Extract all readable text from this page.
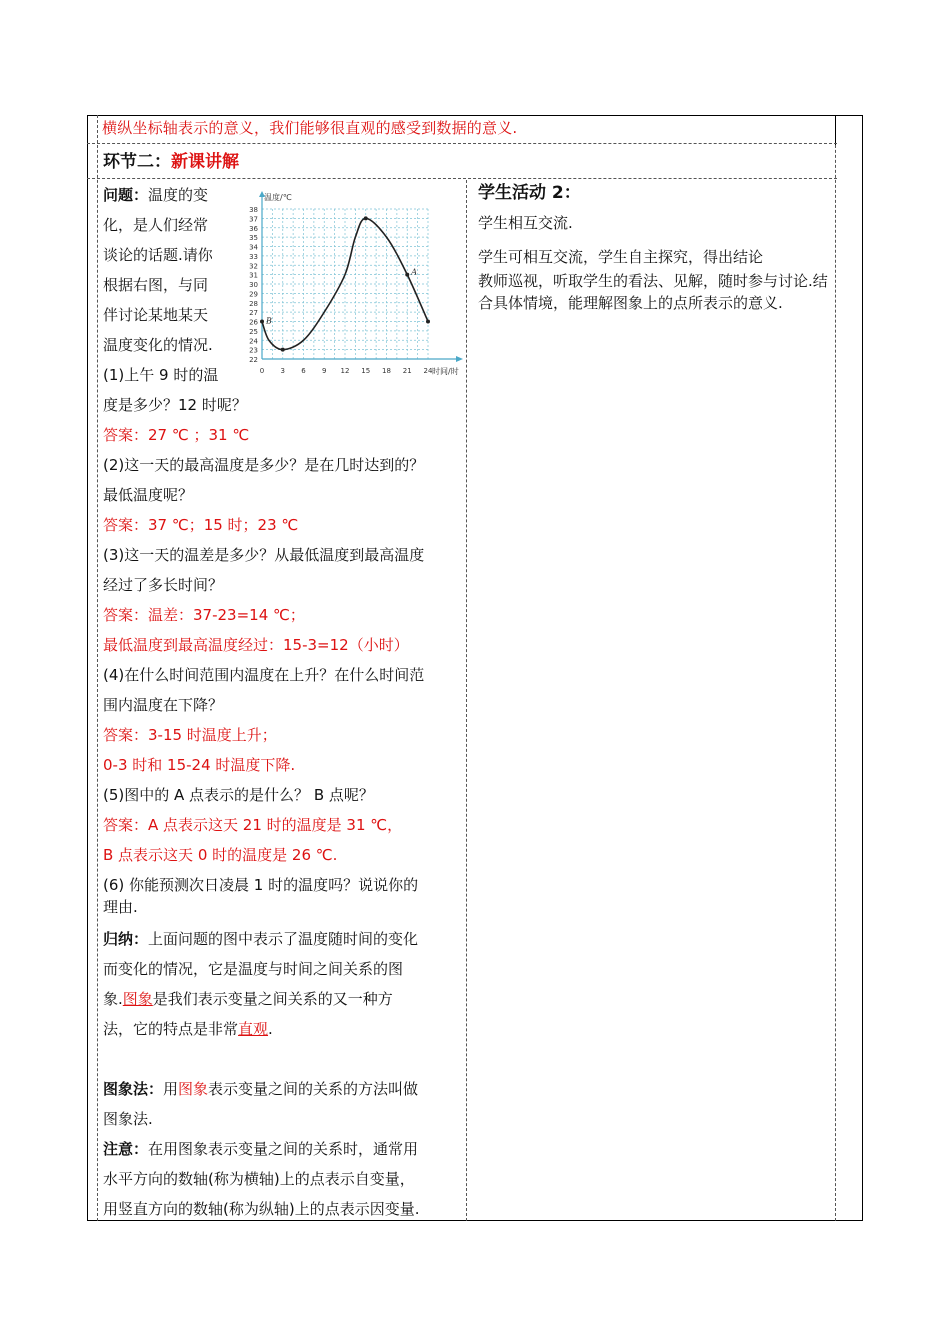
横纵坐标轴表示的意义，我们能够很直观的感受到数据的意义.
环节二：新课讲解
温度/℃
时间/时
22
23
24
25
26
27
28
29
30
31
32
33
34
35
36
37
38
0 3 6 9 12 15 18 21 24
A
B

问题：温度的变

化，是人们经常

谈论的话题.请你

根据右图，与同

伴讨论某地某天

温度变化的情况.

(1)上午 9 时的温

度是多少？12 时呢？

答案：27 ℃ ；31 ℃

(2)这一天的最高温度是多少？是在几时达到的？

最低温度呢？

答案：37 ℃；15 时；23 ℃

(3)这一天的温差是多少？从最低温度到最高温度

经过了多长时间？

答案：温差：37-23=14 ℃；

最低温度到最高温度经过：15-3=12（小时）

(4)在什么时间范围内温度在上升？在什么时间范

围内温度在下降？

答案：3-15 时温度上升；

0-3 时和 15-24 时温度下降.

(5)图中的 A 点表示的是什么？ B 点呢？

答案：A 点表示这天 21 时的温度是 31 ℃，

B 点表示这天 0 时的温度是 26 ℃.

(6) 你能预测次日凌晨 1 时的温度吗？说说你的

理由.

归纳：上面问题的图中表示了温度随时间的变化

而变化的情况，它是温度与时间之间关系的图

象.图象是我们表示变量之间关系的又一种方

法，它的特点是非常直观.

图象法：用图象表示变量之间的关系的方法叫做

图象法.

注意：在用图象表示变量之间的关系时，通常用

水平方向的数轴(称为横轴)上的点表示自变量，

用竖直方向的数轴(称为纵轴)上的点表示因变量.

学生活动 2：

学生相互交流.

学生可相互交流，学生自主探究，得出结论

教师巡视，听取学生的看法、见解，随时参与讨论.结合具体情境，能理解图象上的点所表示的意义.
